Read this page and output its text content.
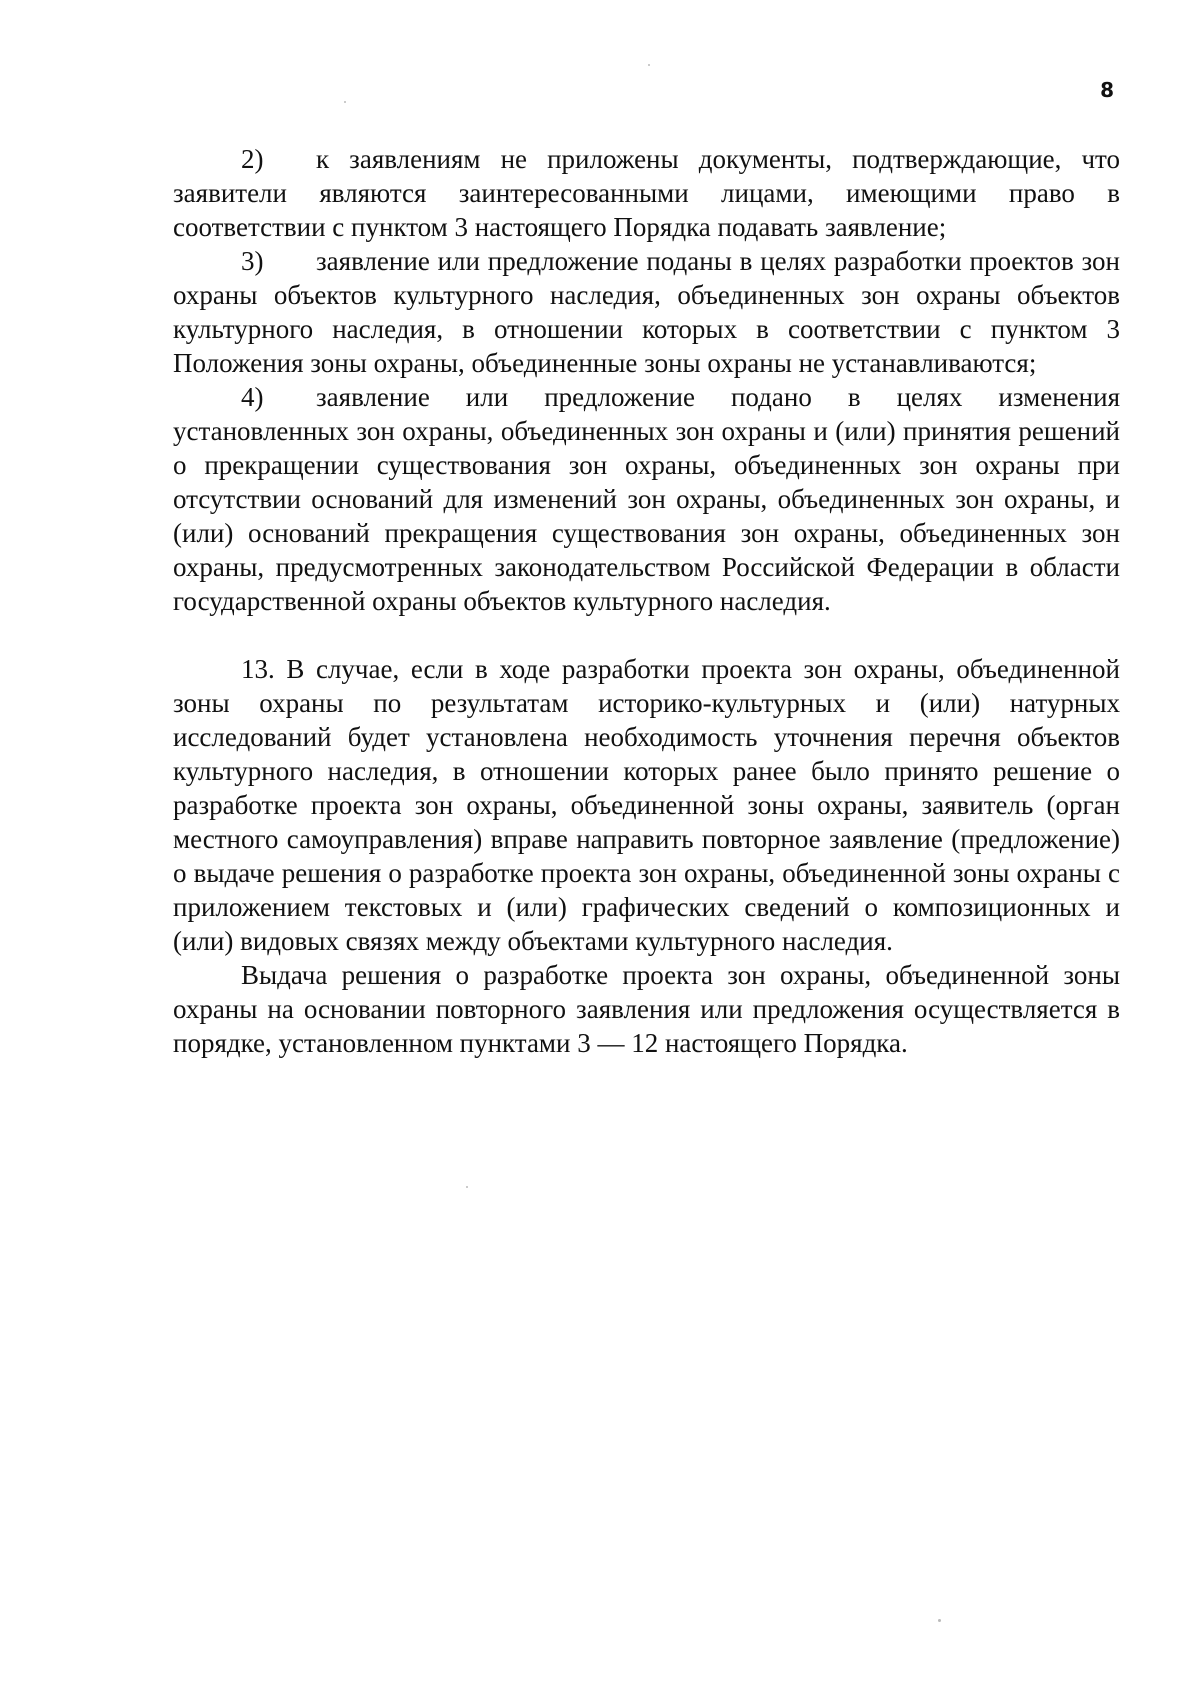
8

2) к заявлениям не приложены документы, подтверждающие, что заявители являются заинтересованными лицами, имеющими право в соответствии с пунктом 3 настоящего Порядка подавать заявление;

3) заявление или предложение поданы в целях разработки проектов зон охраны объектов культурного наследия, объединенных зон охраны объектов культурного наследия, в отношении которых в соответствии с пунктом 3 Положения зоны охраны, объединенные зоны охраны не устанавливаются;

4) заявление или предложение подано в целях изменения установленных зон охраны, объединенных зон охраны и (или) принятия решений о прекращении существования зон охраны, объединенных зон охраны при отсутствии оснований для изменений зон охраны, объединенных зон охраны, и (или) оснований прекращения существования зон охраны, объединенных зон охраны, предусмотренных законодательством Российской Федерации в области государственной охраны объектов культурного наследия.

13. В случае, если в ходе разработки проекта зон охраны, объединенной зоны охраны по результатам историко-культурных и (или) натурных исследований будет установлена необходимость уточнения перечня объектов культурного наследия, в отношении которых ранее было принято решение о разработке проекта зон охраны, объединенной зоны охраны, заявитель (орган местного самоуправления) вправе направить повторное заявление (предложение) о выдаче решения о разработке проекта зон охраны, объединенной зоны охраны с приложением текстовых и (или) графических сведений о композиционных и (или) видовых связях между объектами культурного наследия.

Выдача решения о разработке проекта зон охраны, объединенной зоны охраны на основании повторного заявления или предложения осуществляется в порядке, установленном пунктами 3 — 12 настоящего Порядка.
